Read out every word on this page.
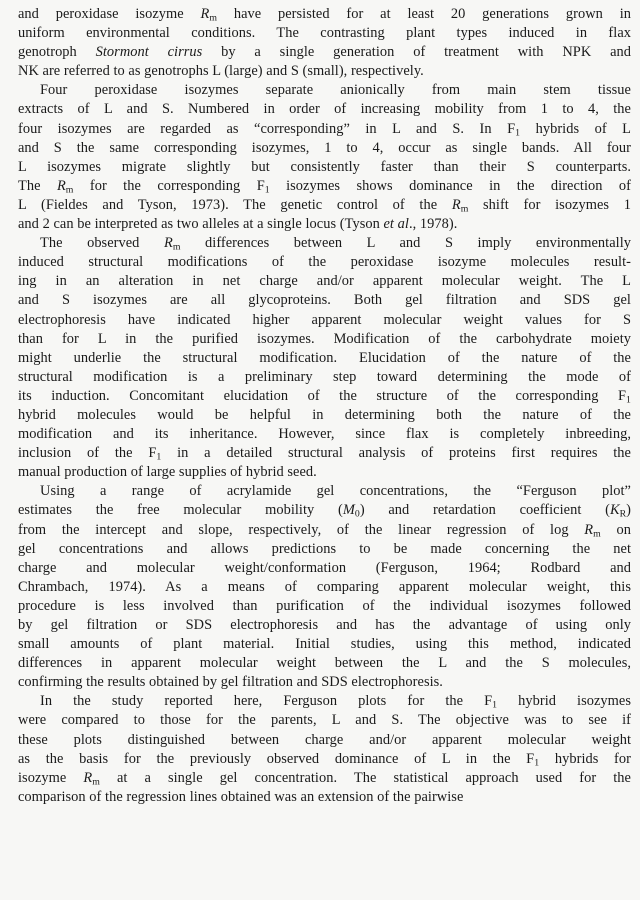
and peroxidase isozyme $R_m$ have persisted for at least 20 generations grown in
uniform environmental conditions. The contrasting plant types induced in flax
genotroph Stormont cirrus by a single generation of treatment with NPK and
NK are referred to as genotrophs L (large) and S (small), respectively.
Four peroxidase isozymes separate anionically from main stem tissue
extracts of L and S. Numbered in order of increasing mobility from 1 to 4, the
four isozymes are regarded as “corresponding” in L and S. In $F_1$ hybrids of L
and S the same corresponding isozymes, 1 to 4, occur as single bands. All four
L isozymes migrate slightly but consistently faster than their S counterparts.
The $R_m$ for the corresponding $F_1$ isozymes shows dominance in the direction of
L (Fieldes and Tyson, 1973). The genetic control of the $R_m$ shift for isozymes 1
and 2 can be interpreted as two alleles at a single locus (Tyson et al., 1978).
The observed $R_m$ differences between L and S imply environmentally
induced structural modifications of the peroxidase isozyme molecules result-
ing in an alteration in net charge and/or apparent molecular weight. The L
and S isozymes are all glycoproteins. Both gel filtration and SDS gel
electrophoresis have indicated higher apparent molecular weight values for S
than for L in the purified isozymes. Modification of the carbohydrate moiety
might underlie the structural modification. Elucidation of the nature of the
structural modification is a preliminary step toward determining the mode of
its induction. Concomitant elucidation of the structure of the corresponding $F_1$
hybrid molecules would be helpful in determining both the nature of the
modification and its inheritance. However, since flax is completely inbreeding,
inclusion of the $F_1$ in a detailed structural analysis of proteins first requires the
manual production of large supplies of hybrid seed.
Using a range of acrylamide gel concentrations, the “Ferguson plot”
estimates the free molecular mobility $(M_0)$ and retardation coefficient $(K_R)$
from the intercept and slope, respectively, of the linear regression of $\log R_m$ on
gel concentrations and allows predictions to be made concerning the net
charge and molecular weight/conformation (Ferguson, 1964; Rodbard and
Chrambach, 1974). As a means of comparing apparent molecular weight, this
procedure is less involved than purification of the individual isozymes followed
by gel filtration or SDS electrophoresis and has the advantage of using only
small amounts of plant material. Initial studies, using this method, indicated
differences in apparent molecular weight between the L and the S molecules,
confirming the results obtained by gel filtration and SDS electrophoresis.
In the study reported here, Ferguson plots for the $F_1$ hybrid isozymes
were compared to those for the parents, L and S. The objective was to see if
these plots distinguished between charge and/or apparent molecular weight
as the basis for the previously observed dominance of L in the $F_1$ hybrids for
isozyme $R_m$ at a single gel concentration. The statistical approach used for the
comparison of the regression lines obtained was an extension of the pairwise
